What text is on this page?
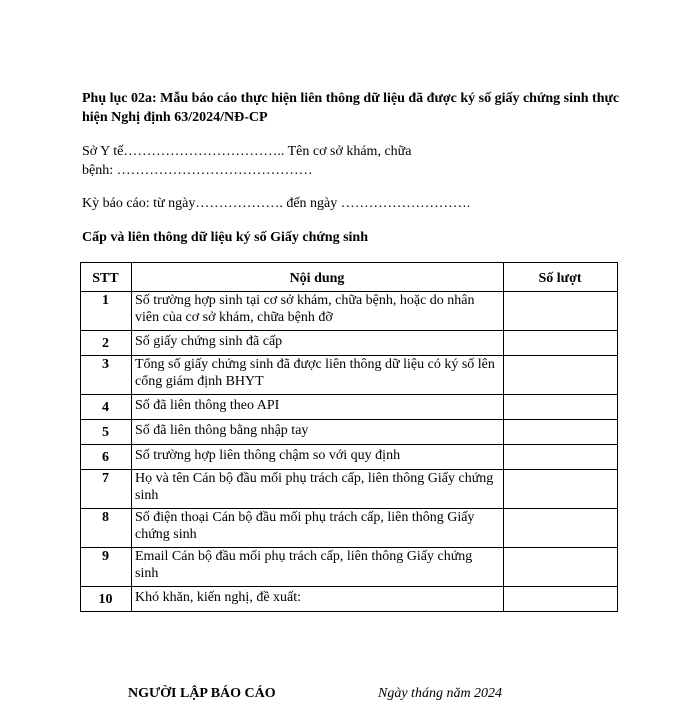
Phụ lục 02a: Mẫu báo cáo thực hiện liên thông dữ liệu đã được ký số giấy chứng sinh thực hiện Nghị định 63/2024/NĐ-CP
Sở Y tế…………………………….. Tên cơ sở khám, chữa
bệnh: ……………………………………
Kỳ báo cáo: từ ngày………………. đến ngày ……………………….
Cấp và liên thông dữ liệu ký số Giấy chứng sinh
STT	Nội dung	Số lượt
1	Số trường hợp sinh tại cơ sở khám, chữa bệnh, hoặc do nhân viên của cơ sở khám, chữa bệnh đỡ	
2	Số giấy chứng sinh đã cấp	
3	Tổng số giấy chứng sinh đã được liên thông dữ liệu có ký số lên cổng giám định BHYT	
4	Số đã liên thông theo API	
5	Số đã liên thông bằng nhập tay	
6	Số trường hợp liên thông chậm so với quy định	
7	Họ và tên Cán bộ đầu mối phụ trách cấp, liên thông Giấy chứng sinh	
8	Số điện thoại Cán bộ đầu mối phụ trách cấp, liên thông Giấy chứng sinh	
9	Email Cán bộ đầu mối phụ trách cấp, liên thông Giấy chứng sinh	
10	Khó khăn, kiến nghị, đề xuất:	
NGƯỜI LẬP BÁO CÁO	Ngày tháng năm 2024
